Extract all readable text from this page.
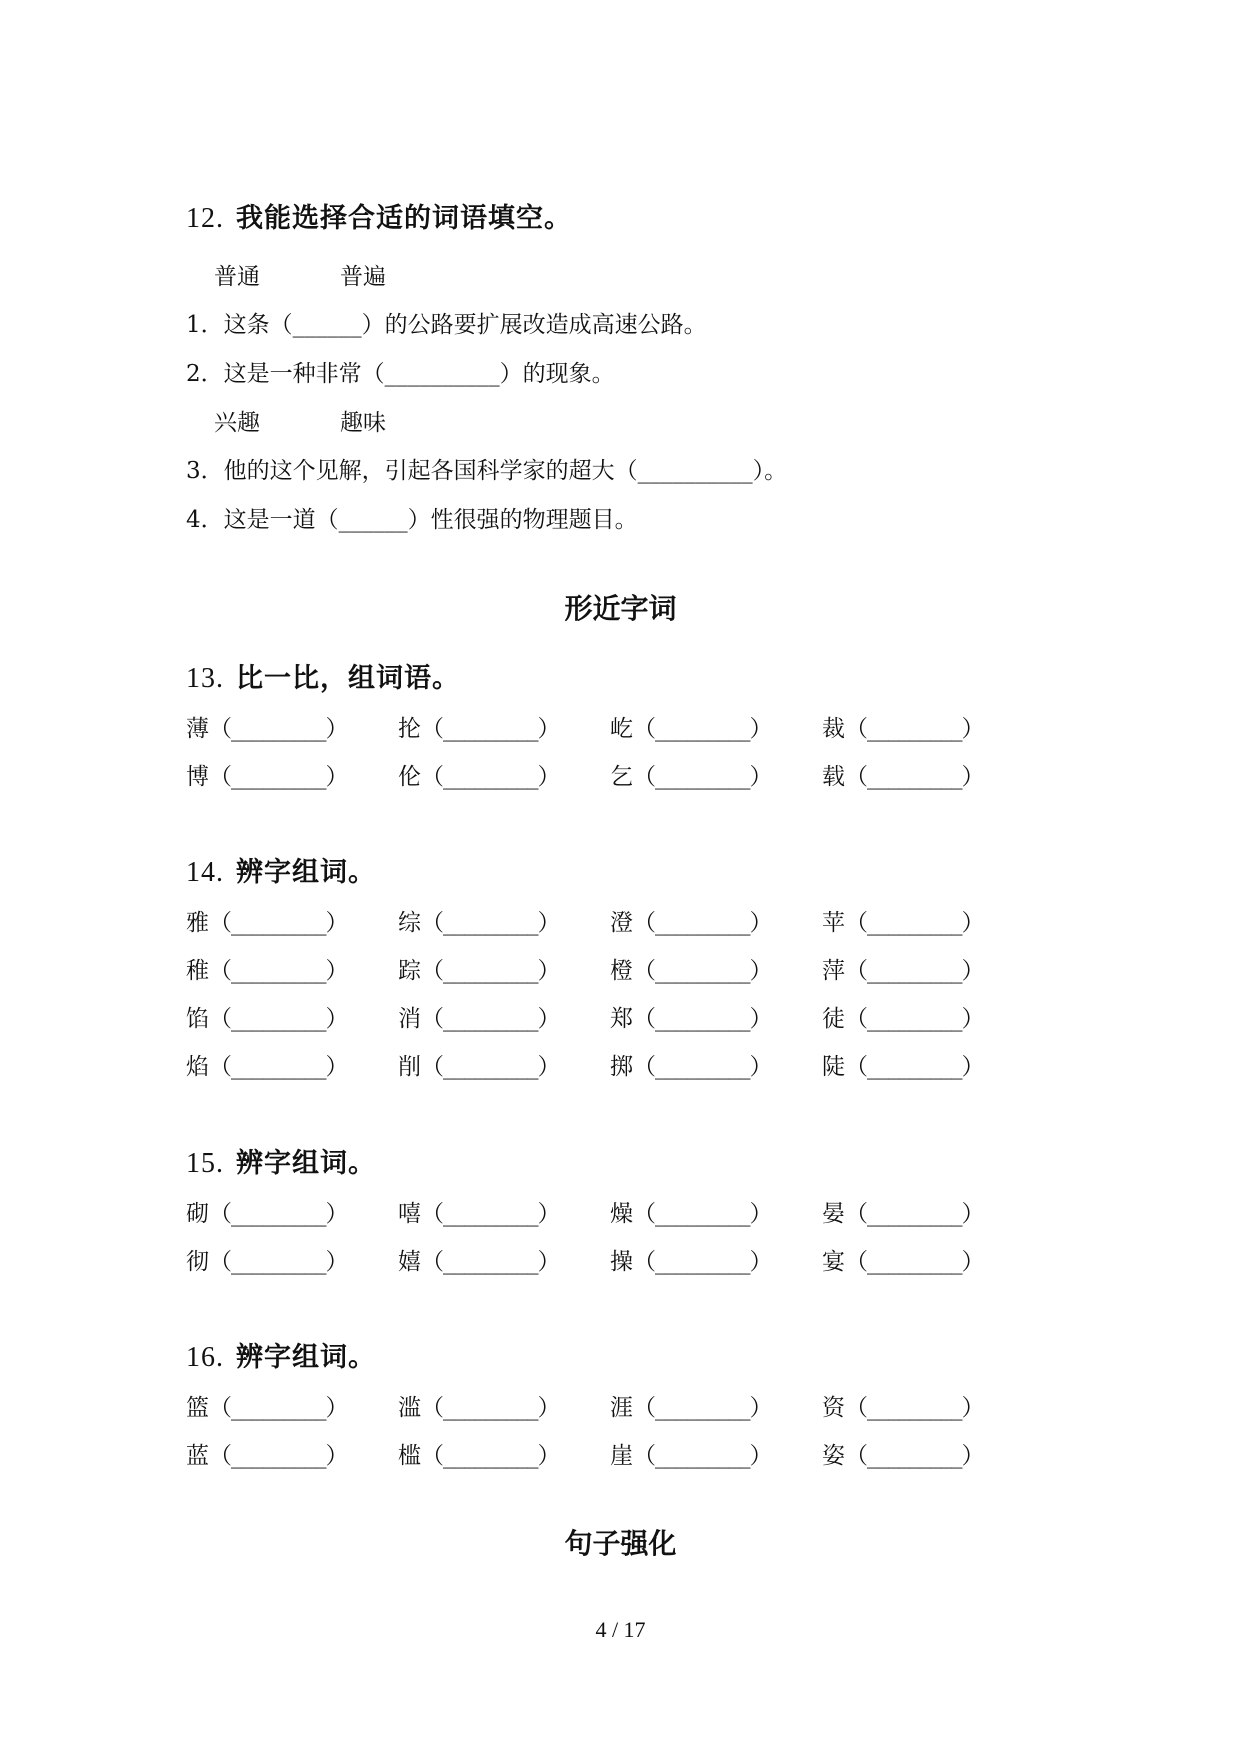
12. 我能选择合适的词语填空。
普通	普遍
1．这条（______）的公路要扩展改造成高速公路。
2．这是一种非常（__________）的现象。
兴趣	趣味
3．他的这个见解，引起各国科学家的超大（__________）。
4．这是一道（______）性很强的物理题目。
形近字词
13. 比一比，组词语。
薄（_________） 抡（_________） 屹（_________） 裁（_________）
博（_________） 伦（_________） 乞（_________） 载（_________）
14. 辨字组词。
雅（_________） 综（_________） 澄（_________） 苹（_________）
稚（_________） 踪（_________） 橙（_________） 萍（_________）
馅（_________） 消（_________） 郑（_________） 徒（_________）
焰（_________） 削（_________） 掷（_________） 陡（_________）
15. 辨字组词。
砌（_________） 嘻（_________） 燥（_________） 晏（_________）
彻（_________） 嬉（_________） 操（_________） 宴（_________）
16. 辨字组词。
篮（_________） 滥（_________） 涯（_________） 资（_________）
蓝（_________） 槛（_________） 崖（_________） 姿（_________）
句子强化
4 / 17
